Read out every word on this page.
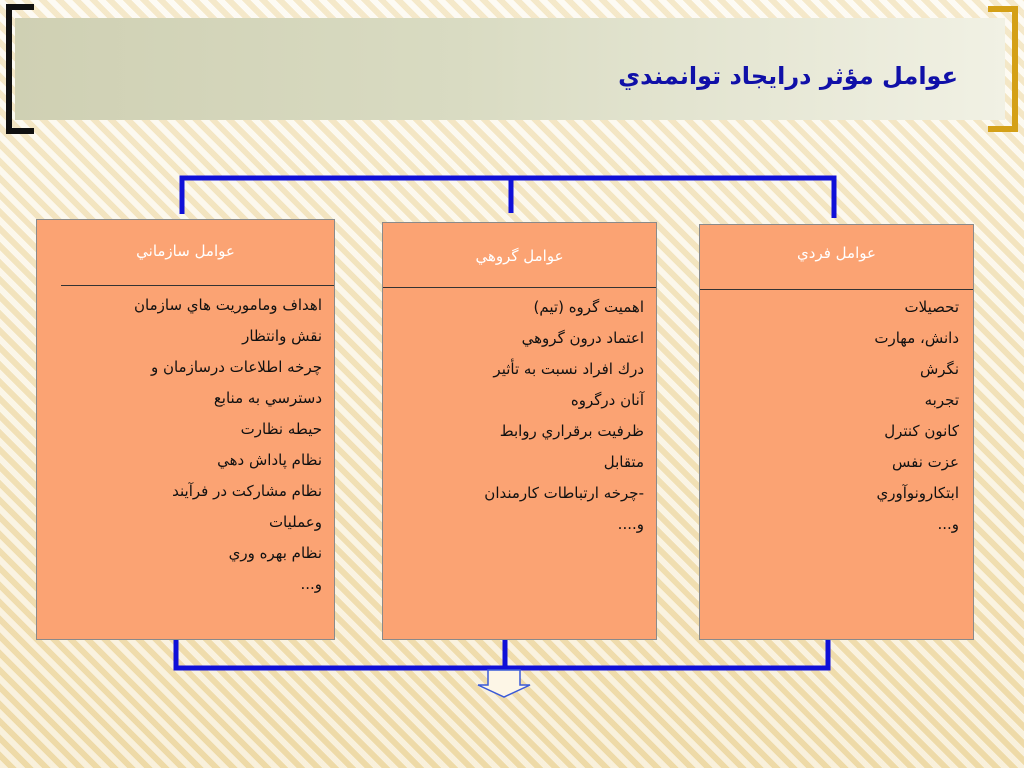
عوامل مؤثر درايجاد توانمندي
عوامل سازماني
اهداف وماموريت هاي سازمان
نقش وانتظار
چرخه اطلاعات درسازمان و
دسترسي به منابع
حيطه نظارت
نظام پاداش دهي
نظام مشاركت در فرآيند
وعمليات
نظام بهره وري
و...
عوامل گروهي
اهميت گروه (تيم)
اعتماد درون گروهي
درك افراد نسبت به تأثير
آنان درگروه
ظرفيت برقراري روابط
متقابل
-چرخه ارتباطات كارمندان
و....
عوامل فردي
تحصيلات
دانش، مهارت
نگرش
تجربه
كانون كنترل
عزت نفس
ابتكارونوآوري
و...
